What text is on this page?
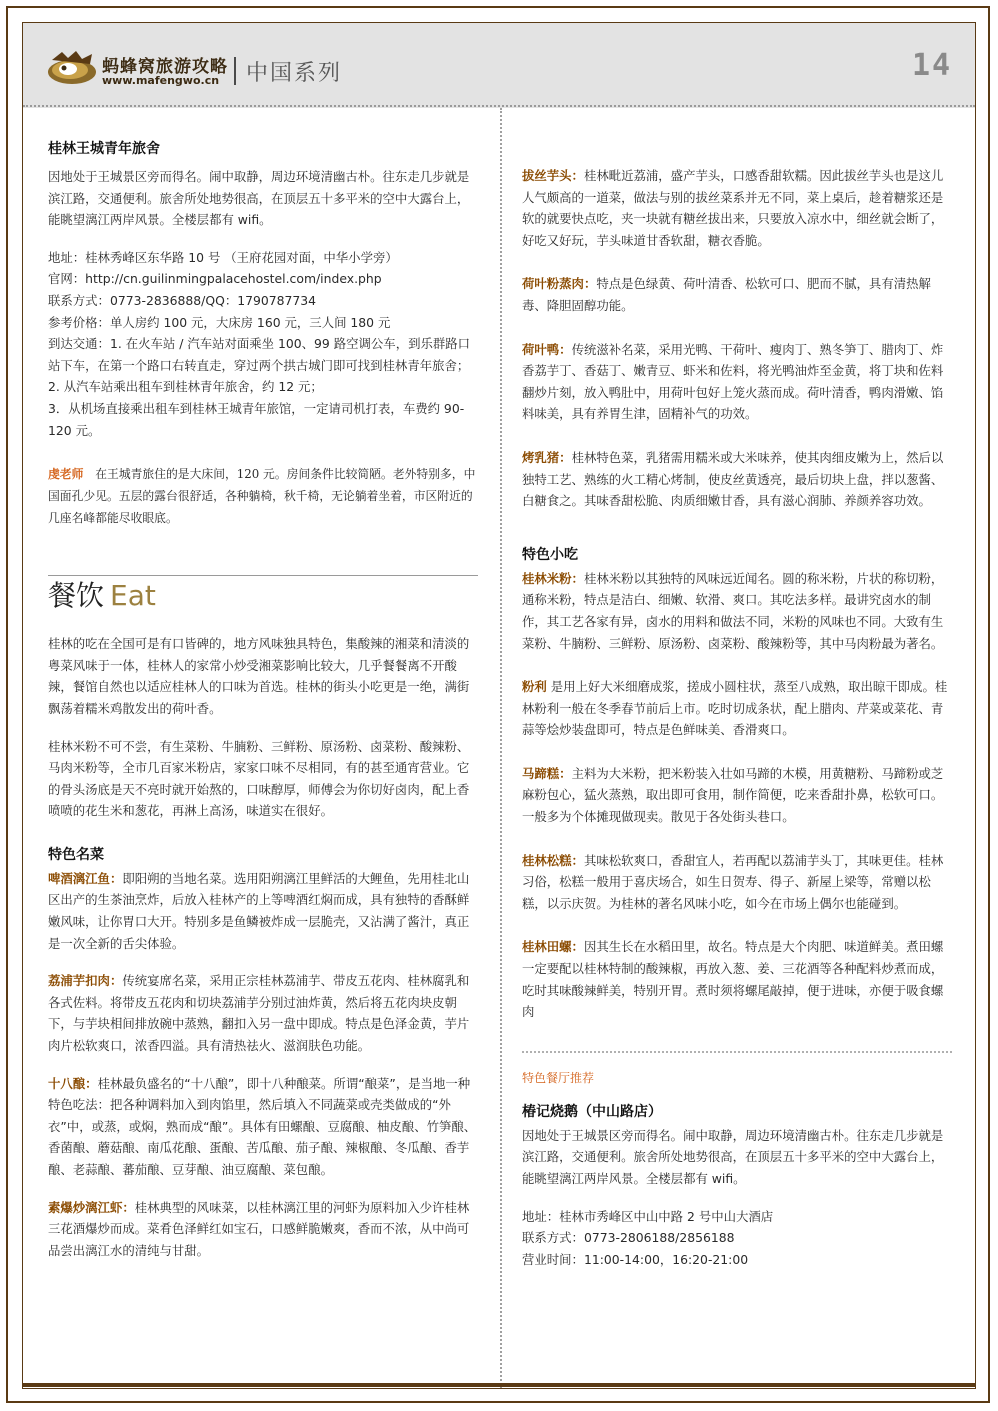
蚂蜂窝旅游攻略
www.mafengwo.cn 中国系列	14

桂林王城青年旅舍

因地处于王城景区旁而得名。闹中取静，周边环境清幽古朴。往东走几步就是滨江路，交通便利。旅舍所处地势很高，在顶层五十多平米的空中大露台上，能眺望漓江两岸风景。全楼层都有 wifi。

地址：桂林秀峰区东华路 10 号 （王府花园对面，中华小学旁）

官网：http://cn.guilinmingpalacehostel.com/index.php

联系方式：0773-2836888/QQ：1790787734

参考价格：单人房约 100 元，大床房 160 元，三人间 180 元

到达交通：1. 在火车站 / 汽车站对面乘坐 100、99 路空调公车，到乐群路口站下车，在第一个路口右转直走，穿过两个拱古城门即可找到桂林青年旅舍；

2. 从汽车站乘出租车到桂林青年旅舍，约 12 元；

3．从机场直接乘出租车到桂林王城青年旅馆，一定请司机打表，车费约 90-120 元。

虔老师　 在王城青旅住的是大床间，120 元。房间条件比较简陋。老外特别多，中国面孔少见。五层的露台很舒适，各种躺椅，秋千椅，无论躺着坐着，市区附近的几座名峰都能尽收眼底。

餐饮 Eat

桂林的吃在全国可是有口皆碑的，地方风味独具特色，集酸辣的湘菜和清淡的粤菜风味于一体，桂林人的家常小炒受湘菜影响比较大，几乎餐餐离不开酸辣，餐馆自然也以适应桂林人的口味为首选。桂林的街头小吃更是一绝，满街飘荡着糯米鸡散发出的荷叶香。

桂林米粉不可不尝，有生菜粉、牛腩粉、三鲜粉、原汤粉、卤菜粉、酸辣粉、马肉米粉等，全市几百家米粉店，家家口味不尽相同，有的甚至通宵营业。它的骨头汤底是天不亮时就开始熬的，口味醇厚，师傅会为你切好卤肉，配上香喷喷的花生米和葱花，再淋上高汤，味道实在很好。

特色名菜

啤酒漓江鱼：即阳朔的当地名菜。选用阳朔漓江里鲜活的大鲤鱼，先用桂北山区出产的生茶油烹炸，后放入桂林产的上等啤酒红焖而成，具有独特的香酥鲜嫩风味，让你胃口大开。特别多是鱼鳞被炸成一层脆壳，又沾满了酱汁，真正是一次全新的舌尖体验。

荔浦芋扣肉：传统宴席名菜，采用正宗桂林荔浦芋、带皮五花肉、桂林腐乳和各式佐料。将带皮五花肉和切块荔浦芋分别过油炸黄，然后将五花肉块皮朝下，与芋块相间排放碗中蒸熟，翻扣入另一盘中即成。特点是色泽金黄，芋片肉片松软爽口，浓香四溢。具有清热祛火、滋润肤色功能。

十八酿：桂林最负盛名的“十八酿”，即十八种酿菜。所谓“酿菜”，是当地一种特色吃法：把各种调料加入到肉馅里，然后填入不同蔬菜或壳类做成的“外衣”中，或蒸，或焖，熟而成“酿”。具体有田螺酿、豆腐酿、柚皮酿、竹笋酿、香菌酿、蘑菇酿、南瓜花酿、蛋酿、苦瓜酿、茄子酿、辣椒酿、冬瓜酿、香芋酿、老蒜酿、蕃茄酿、豆芽酿、油豆腐酿、菜包酿。

素爆炒漓江虾：桂林典型的风味菜，以桂林漓江里的河虾为原料加入少许桂林三花酒爆炒而成。菜肴色泽鲜红如宝石，口感鲜脆嫩爽，香而不浓，从中尚可品尝出漓江水的清纯与甘甜。

拔丝芋头：桂林毗近荔浦，盛产芋头，口感香甜软糯。因此拔丝芋头也是这儿人气颇高的一道菜，做法与别的拔丝菜系并无不同，菜上桌后，趁着糖浆还是软的就要快点吃，夹一块就有糖丝拔出来，只要放入凉水中，细丝就会断了，好吃又好玩，芋头味道甘香软甜，糖衣香脆。

荷叶粉蒸肉：特点是色绿黄、荷叶清香、松软可口、肥而不腻，具有清热解毒、降胆固醇功能。

荷叶鸭：传统滋补名菜，采用光鸭、干荷叶、瘦肉丁、熟冬笋丁、腊肉丁、炸香荔芋丁、香菇丁、嫩青豆、虾米和佐料，将光鸭油炸至金黄，将丁块和佐料翻炒片刻，放入鸭肚中，用荷叶包好上笼火蒸而成。荷叶清香，鸭肉滑嫩、馅料味美，具有养胃生津，固精补气的功效。

烤乳猪：桂林特色菜，乳猪需用糯米或大米味养，使其肉细皮嫩为上，然后以独特工艺、熟练的火工精心烤制，使皮丝黄透亮，最后切块上盘，拌以葱酱、白糖食之。其味香甜松脆、肉质细嫩甘香，具有滋心润肺、养颜养容功效。

特色小吃

桂林米粉：桂林米粉以其独特的风味远近闻名。圆的称米粉，片状的称切粉，通称米粉，特点是洁白、细嫩、软滑、爽口。其吃法多样。最讲究卤水的制作，其工艺各家有异，卤水的用料和做法不同，米粉的风味也不同。大致有生菜粉、牛腩粉、三鲜粉、原汤粉、卤菜粉、酸辣粉等，其中马肉粉最为著名。

粉利 是用上好大米细磨成浆，搓成小圆柱状，蒸至八成熟，取出晾干即成。桂林粉利一般在冬季春节前后上市。吃时切成条状，配上腊肉、芹菜或菜花、青蒜等烩炒装盘即可，特点是色鲜味美、香滑爽口。

马蹄糕：主料为大米粉，把米粉装入壮如马蹄的木模，用黄糖粉、马蹄粉或芝麻粉包心，猛火蒸熟，取出即可食用，制作简便，吃来香甜扑鼻，松软可口。一般多为个体摊现做现卖。散见于各处街头巷口。

桂林松糕：其味松软爽口，香甜宜人，若再配以荔浦芋头丁，其味更佳。桂林习俗，松糕一般用于喜庆场合，如生日贺寿、得子、新屋上梁等，常赠以松糕，以示庆贺。为桂林的著名风味小吃，如今在市场上偶尔也能碰到。

桂林田螺：因其生长在水稻田里，故名。特点是大个肉肥、味道鲜美。煮田螺一定要配以桂林特制的酸辣椒，再放入葱、姜、三花酒等各种配料炒煮而成，吃时其味酸辣鲜美，特别开胃。煮时须将螺尾敲掉，便于进味，亦便于吸食螺肉

特色餐厅推荐

椿记烧鹅（中山路店）

因地处于王城景区旁而得名。闹中取静，周边环境清幽古朴。往东走几步就是滨江路，交通便利。旅舍所处地势很高，在顶层五十多平米的空中大露台上，能眺望漓江两岸风景。全楼层都有 wifi。

地址：桂林市秀峰区中山中路 2 号中山大酒店

联系方式：0773-2806188/2856188

营业时间：11:00-14:00，16:20-21:00
